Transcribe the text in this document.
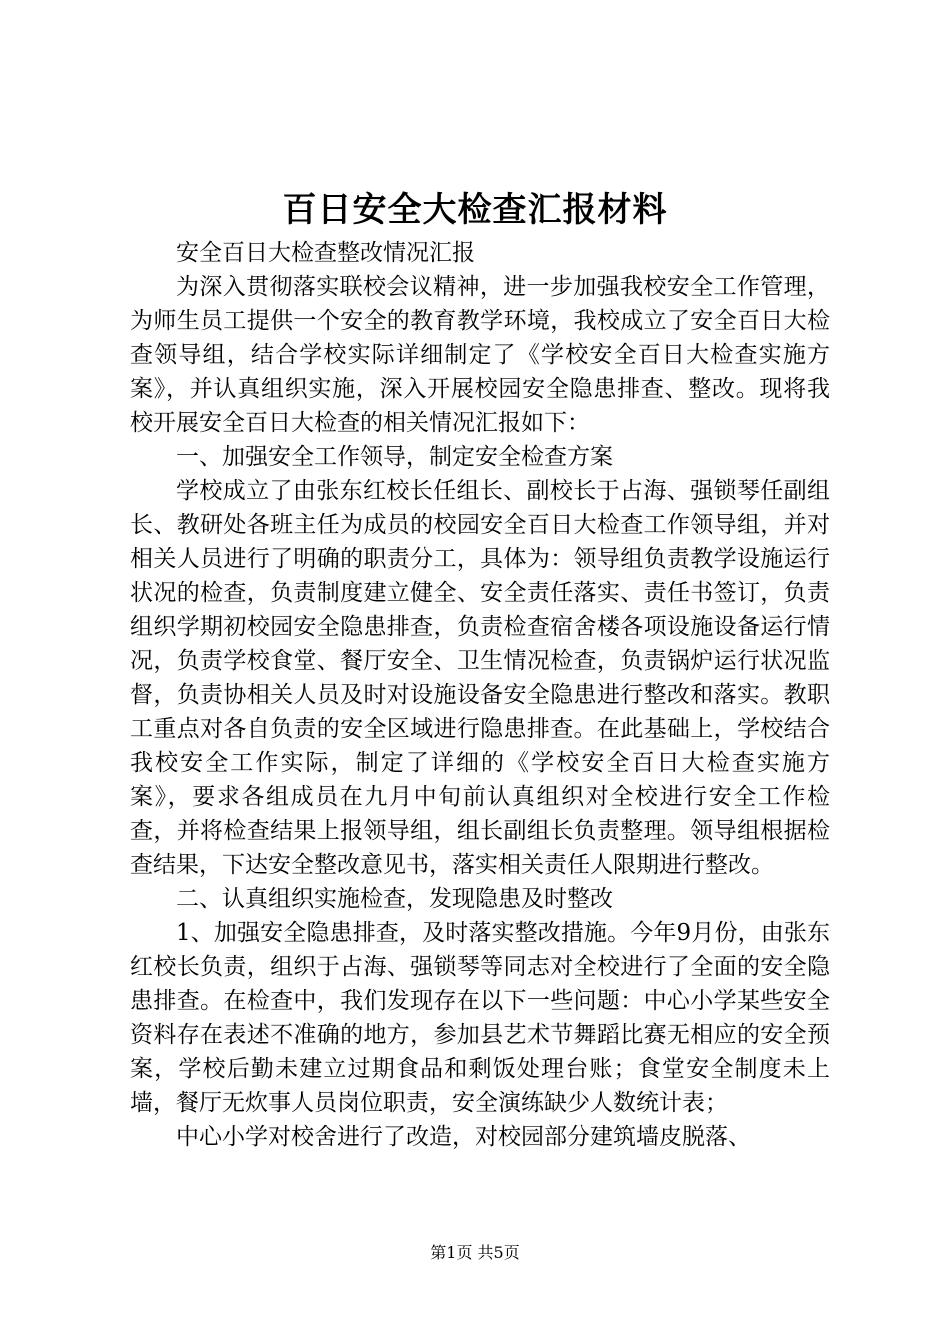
百日安全大检查汇报材料

安全百日大检查整改情况汇报

为深入贯彻落实联校会议精神，进一步加强我校安全工作管理，为师生员工提供一个安全的教育教学环境，我校成立了安全百日大检查领导组，结合学校实际详细制定了《学校安全百日大检查实施方案》，并认真组织实施，深入开展校园安全隐患排查、整改。现将我校开展安全百日大检查的相关情况汇报如下：

一、加强安全工作领导，制定安全检查方案

学校成立了由张东红校长任组长、副校长于占海、强锁琴任副组长、教研处各班主任为成员的校园安全百日大检查工作领导组，并对相关人员进行了明确的职责分工，具体为：领导组负责教学设施运行状况的检查，负责制度建立健全、安全责任落实、责任书签订，负责组织学期初校园安全隐患排查，负责检查宿舍楼各项设施设备运行情况，负责学校食堂、餐厅安全、卫生情况检查，负责锅炉运行状况监督，负责协相关人员及时对设施设备安全隐患进行整改和落实。教职工重点对各自负责的安全区域进行隐患排查。在此基础上，学校结合我校安全工作实际，制定了详细的《学校安全百日大检查实施方案》，要求各组成员在九月中旬前认真组织对全校进行安全工作检查，并将检查结果上报领导组，组长副组长负责整理。领导组根据检查结果，下达安全整改意见书，落实相关责任人限期进行整改。

二、认真组织实施检查，发现隐患及时整改

1、加强安全隐患排查，及时落实整改措施。今年9月份，由张东红校长负责，组织于占海、强锁琴等同志对全校进行了全面的安全隐患排查。在检查中，我们发现存在以下一些问题：中心小学某些安全资料存在表述不准确的地方，参加县艺术节舞蹈比赛无相应的安全预案，学校后勤未建立过期食品和剩饭处理台账；食堂安全制度未上墙，餐厅无炊事人员岗位职责，安全演练缺少人数统计表；

中心小学对校舍进行了改造，对校园部分建筑墙皮脱落、

第1页 共5页
